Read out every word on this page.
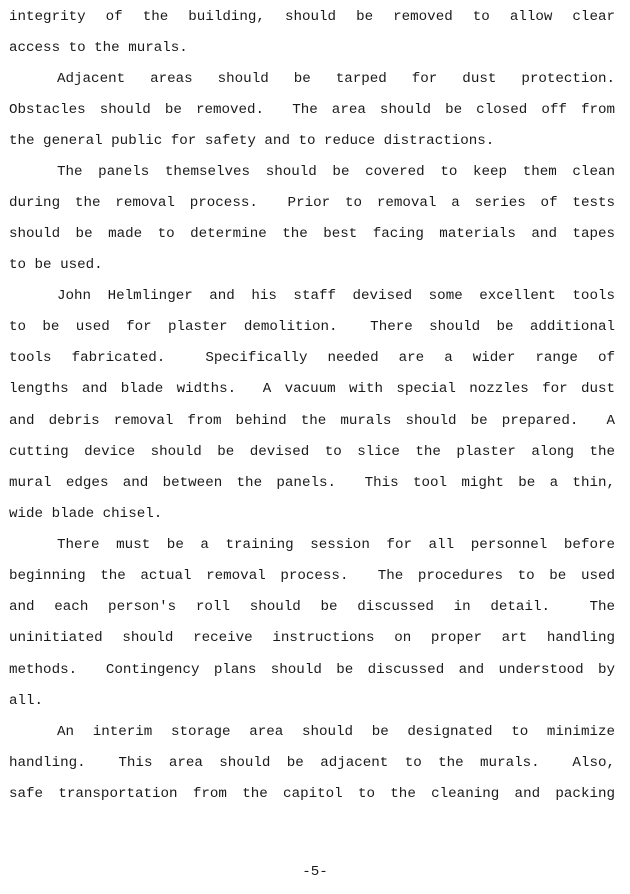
integrity of the building, should be removed to allow clear
access to the murals.
Adjacent areas should be tarped for dust protection.
Obstacles should be removed.  The area should be closed off from
the general public for safety and to reduce distractions.
The panels themselves should be covered to keep them clean
during the removal process.  Prior to removal a series of tests
should be made to determine the best facing materials and tapes
to be used.
John Helmlinger and his staff devised some excellent tools
to be used for plaster demolition.  There should be additional
tools fabricated.  Specifically needed are a wider range of
lengths and blade widths.  A vacuum with special nozzles for dust
and debris removal from behind the murals should be prepared.  A
cutting device should be devised to slice the plaster along the
mural edges and between the panels.  This tool might be a thin,
wide blade chisel.
There must be a training session for all personnel before
beginning the actual removal process.  The procedures to be used
and each person's roll should be discussed in detail.  The
uninitiated should receive instructions on proper art handling
methods.  Contingency plans should be discussed and understood by
all.
An interim storage area should be designated to minimize
handling.  This area should be adjacent to the murals.  Also,
safe transportation from the capitol to the cleaning and packing
-5-
